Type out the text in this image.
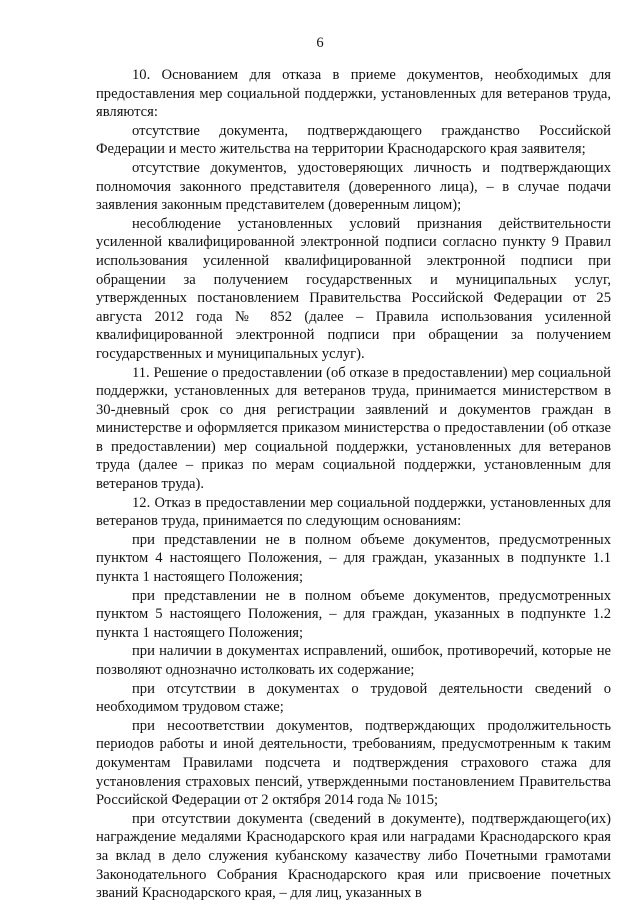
6

10. Основанием для отказа в приеме документов, необходимых для предоставления мер социальной поддержки, установленных для ветеранов труда, являются:

отсутствие документа, подтверждающего гражданство Российской Федерации и место жительства на территории Краснодарского края заявителя;

отсутствие документов, удостоверяющих личность и подтверждающих полномочия законного представителя (доверенного лица), – в случае подачи заявления законным представителем (доверенным лицом);

несоблюдение установленных условий признания действительности усиленной квалифицированной электронной подписи согласно пункту 9 Правил использования усиленной квалифицированной электронной подписи при обращении за получением государственных и муниципальных услуг, утвержденных постановлением Правительства Российской Федерации от 25 августа 2012 года № 852 (далее – Правила использования усиленной квалифицированной электронной подписи при обращении за получением государственных и муниципальных услуг).

11. Решение о предоставлении (об отказе в предоставлении) мер социальной поддержки, установленных для ветеранов труда, принимается министерством в 30-дневный срок со дня регистрации заявлений и документов граждан в министерстве и оформляется приказом министерства о предоставлении (об отказе в предоставлении) мер социальной поддержки, установленных для ветеранов труда (далее – приказ по мерам социальной поддержки, установленным для ветеранов труда).

12. Отказ в предоставлении мер социальной поддержки, установленных для ветеранов труда, принимается по следующим основаниям:

при представлении не в полном объеме документов, предусмотренных пунктом 4 настоящего Положения, – для граждан, указанных в подпункте 1.1 пункта 1 настоящего Положения;

при представлении не в полном объеме документов, предусмотренных пунктом 5 настоящего Положения, – для граждан, указанных в подпункте 1.2 пункта 1 настоящего Положения;

при наличии в документах исправлений, ошибок, противоречий, которые не позволяют однозначно истолковать их содержание;

при отсутствии в документах о трудовой деятельности сведений о необходимом трудовом стаже;

при несоответствии документов, подтверждающих продолжительность периодов работы и иной деятельности, требованиям, предусмотренным к таким документам Правилами подсчета и подтверждения страхового стажа для установления страховых пенсий, утвержденными постановлением Правительства Российской Федерации от 2 октября 2014 года № 1015;

при отсутствии документа (сведений в документе), подтверждающего(их) награждение медалями Краснодарского края или наградами Краснодарского края за вклад в дело служения кубанскому казачеству либо Почетными грамотами Законодательного Собрания Краснодарского края или присвоение почетных званий Краснодарского края, – для лиц, указанных в
